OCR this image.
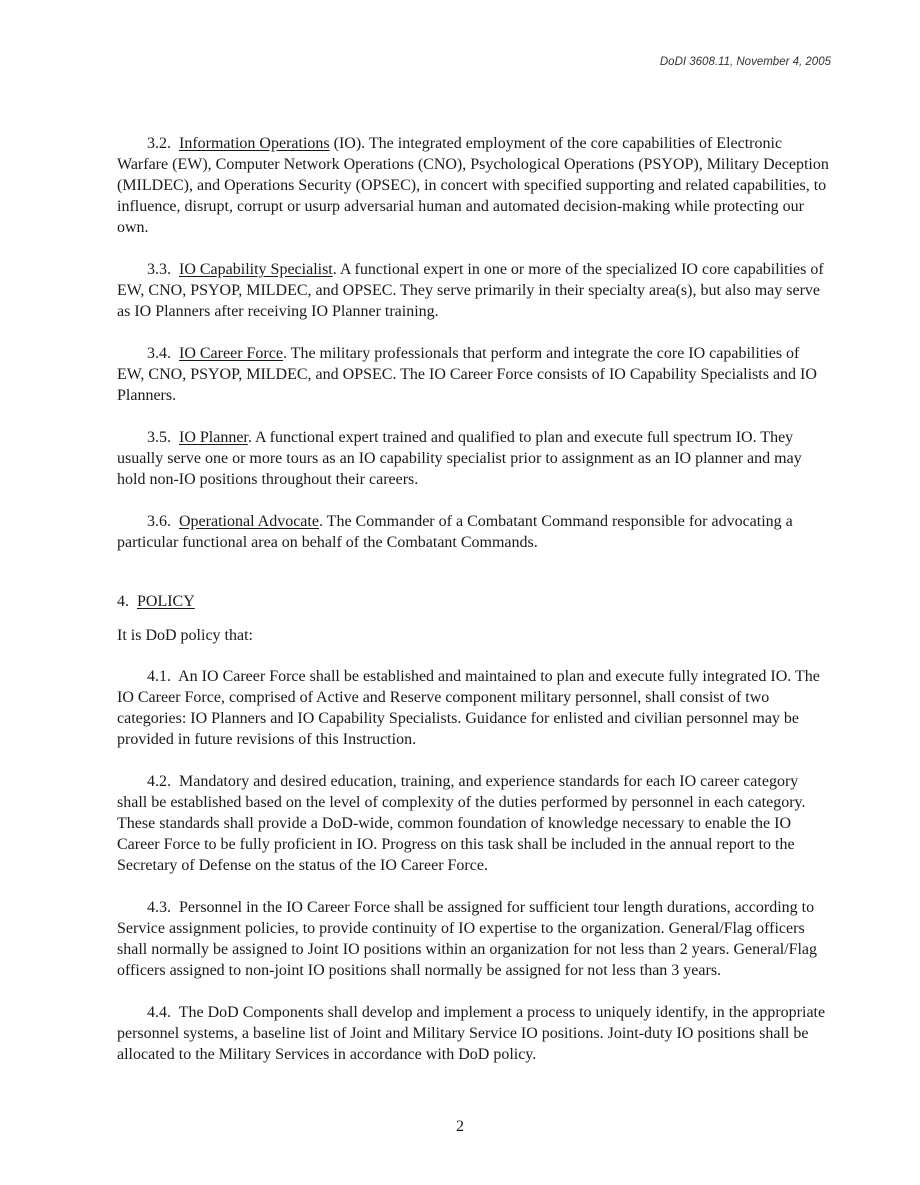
DoDI 3608.11, November 4, 2005

3.2. Information Operations (IO). The integrated employment of the core capabilities of Electronic Warfare (EW), Computer Network Operations (CNO), Psychological Operations (PSYOP), Military Deception (MILDEC), and Operations Security (OPSEC), in concert with specified supporting and related capabilities, to influence, disrupt, corrupt or usurp adversarial human and automated decision-making while protecting our own.

3.3. IO Capability Specialist. A functional expert in one or more of the specialized IO core capabilities of EW, CNO, PSYOP, MILDEC, and OPSEC. They serve primarily in their specialty area(s), but also may serve as IO Planners after receiving IO Planner training.

3.4. IO Career Force. The military professionals that perform and integrate the core IO capabilities of EW, CNO, PSYOP, MILDEC, and OPSEC. The IO Career Force consists of IO Capability Specialists and IO Planners.

3.5. IO Planner. A functional expert trained and qualified to plan and execute full spectrum IO. They usually serve one or more tours as an IO capability specialist prior to assignment as an IO planner and may hold non-IO positions throughout their careers.

3.6. Operational Advocate. The Commander of a Combatant Command responsible for advocating a particular functional area on behalf of the Combatant Commands.

4. POLICY

It is DoD policy that:

4.1. An IO Career Force shall be established and maintained to plan and execute fully integrated IO. The IO Career Force, comprised of Active and Reserve component military personnel, shall consist of two categories: IO Planners and IO Capability Specialists. Guidance for enlisted and civilian personnel may be provided in future revisions of this Instruction.

4.2. Mandatory and desired education, training, and experience standards for each IO career category shall be established based on the level of complexity of the duties performed by personnel in each category. These standards shall provide a DoD-wide, common foundation of knowledge necessary to enable the IO Career Force to be fully proficient in IO. Progress on this task shall be included in the annual report to the Secretary of Defense on the status of the IO Career Force.

4.3. Personnel in the IO Career Force shall be assigned for sufficient tour length durations, according to Service assignment policies, to provide continuity of IO expertise to the organization. General/Flag officers shall normally be assigned to Joint IO positions within an organization for not less than 2 years. General/Flag officers assigned to non-joint IO positions shall normally be assigned for not less than 3 years.

4.4. The DoD Components shall develop and implement a process to uniquely identify, in the appropriate personnel systems, a baseline list of Joint and Military Service IO positions. Joint-duty IO positions shall be allocated to the Military Services in accordance with DoD policy.

2
